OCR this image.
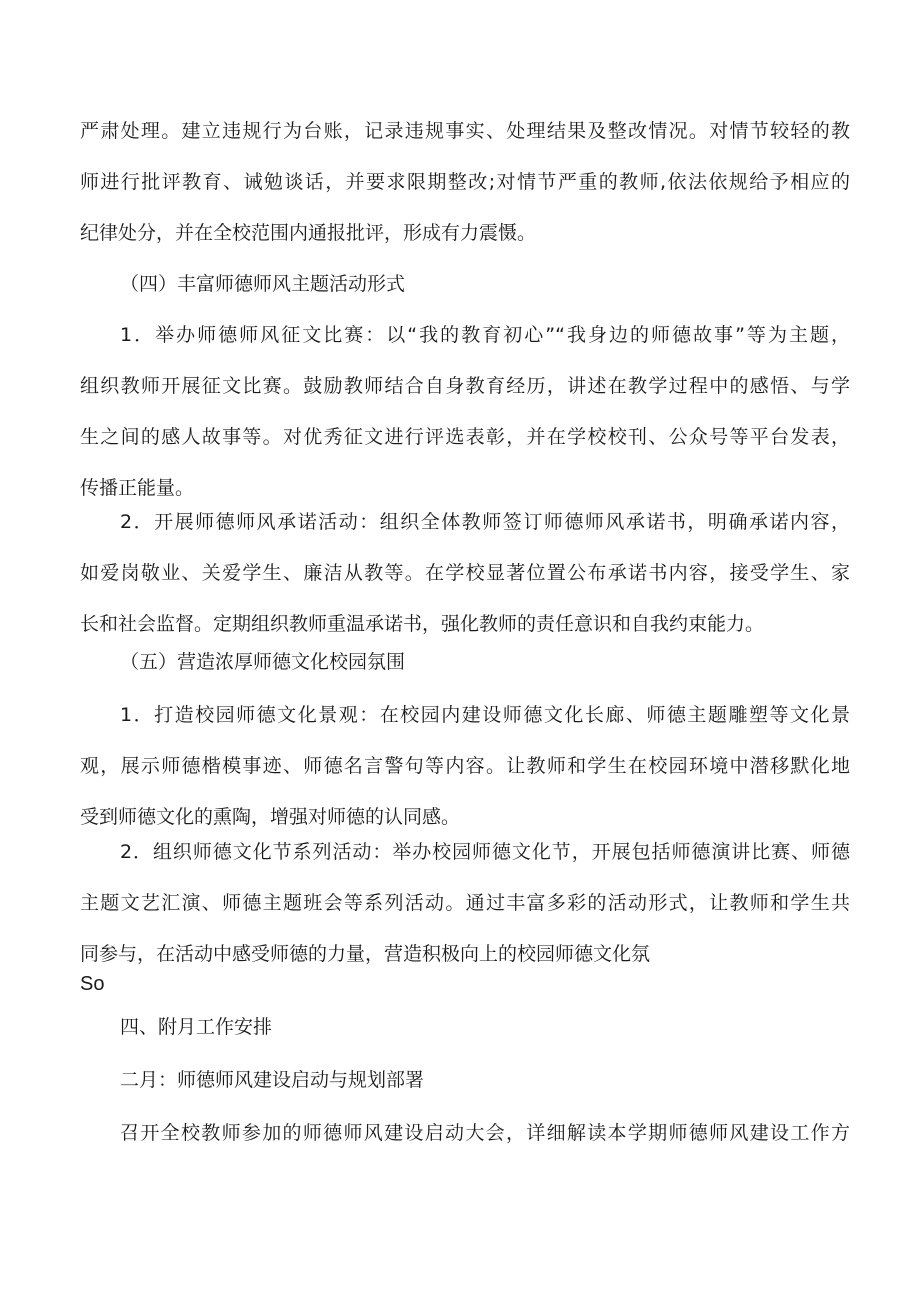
严肃处理。建立违规行为台账，记录违规事实、处理结果及整改情况。对情节较轻的教
师进行批评教育、诫勉谈话，并要求限期整改;对情节严重的教师,依法依规给予相应的
纪律处分，并在全校范围内通报批评，形成有力震慑。

（四）丰富师德师风主题活动形式

1．举办师德师风征文比赛：以“我的教育初心”“我身边的师德故事”等为主题，
组织教师开展征文比赛。鼓励教师结合自身教育经历，讲述在教学过程中的感悟、与学
生之间的感人故事等。对优秀征文进行评选表彰，并在学校校刊、公众号等平台发表，
传播正能量。
2．开展师德师风承诺活动：组织全体教师签订师德师风承诺书，明确承诺内容，
如爱岗敬业、关爱学生、廉洁从教等。在学校显著位置公布承诺书内容，接受学生、家
长和社会监督。定期组织教师重温承诺书，强化教师的责任意识和自我约束能力。

（五）营造浓厚师德文化校园氛围

1．打造校园师德文化景观：在校园内建设师德文化长廊、师德主题雕塑等文化景
观，展示师德楷模事迹、师德名言警句等内容。让教师和学生在校园环境中潜移默化地
受到师德文化的熏陶，增强对师德的认同感。
2．组织师德文化节系列活动：举办校园师德文化节，开展包括师德演讲比赛、师德
主题文艺汇演、师德主题班会等系列活动。通过丰富多彩的活动形式，让教师和学生共
同参与，在活动中感受师德的力量，营造积极向上的校园师德文化氛

So

四、附月工作安排

二月：师德师风建设启动与规划部署

召开全校教师参加的师德师风建设启动大会，详细解读本学期师德师风建设工作方
